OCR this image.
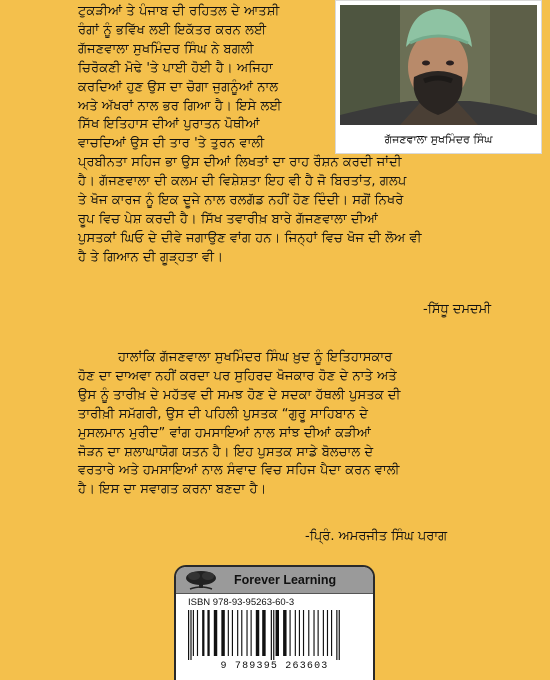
ਗੱਜਣਵਾਲਾ ਸੁਖਮਿੰਦਰ ਸਿੰਘ
ਟੁਕੜੀਆਂ ਤੇ ਪੰਜਾਬ ਦੀ ਰਹਿਤਲ ਦੇ ਆਤਸ਼ੀ
ਰੰਗਾਂ ਨੂੰ ਭਵਿੱਖ ਲਈ ਇਕੱਤਰ ਕਰਨ ਲਈ
ਗੱਜਣਵਾਲਾ ਸੁਖਮਿੰਦਰ ਸਿੰਘ ਨੇ ਬਗਲੀ
ਚਿਰੋਕਣੀ ਮੋਢੇ 'ਤੇ ਪਾਈ ਹੋਈ ਹੈ। ਅਜਿਹਾ
ਕਰਦਿਆਂ ਹੁਣ ਉਸ ਦਾ ਚੋਗਾ ਜੁਗਨੂੰਆਂ ਨਾਲ
ਅਤੇ ਅੱਖਰਾਂ ਨਾਲ ਭਰ ਗਿਆ ਹੈ। ਇਸੇ ਲਈ
ਸਿੱਖ ਇਤਿਹਾਸ ਦੀਆਂ ਪੁਰਾਤਨ ਪੋਥੀਆਂ
ਵਾਚਦਿਆਂ ਉਸ ਦੀ ਤਾਰ 'ਤੇ ਤੁਰਨ ਵਾਲੀ
ਪ੍ਰਬੀਨਤਾ ਸਹਿਜ ਭਾ ਉਸ ਦੀਆਂ ਲਿਖਤਾਂ ਦਾ ਰਾਹ ਰੌਸ਼ਨ ਕਰਦੀ ਜਾਂਦੀ
ਹੈ। ਗੱਜਣਵਾਲਾ ਦੀ ਕਲਮ ਦੀ ਵਿਸ਼ੇਸ਼ਤਾ ਇਹ ਵੀ ਹੈ ਜੋ ਬਿਰਤਾਂਤ, ਗਲਪ
ਤੇ ਖੋਜ ਕਾਰਜ ਨੂੰ ਇਕ ਦੂਜੇ ਨਾਲ ਰਲਗੱਡ ਨਹੀਂ ਹੋਣ ਦਿੰਦੀ। ਸਗੋਂ ਨਿਖਰੇ
ਰੂਪ ਵਿਚ ਪੇਸ਼ ਕਰਦੀ ਹੈ। ਸਿੱਖ ਤਵਾਰੀਖ਼ ਬਾਰੇ ਗੱਜਣਵਾਲਾ ਦੀਆਂ
ਪੁਸਤਕਾਂ ਘਿਓ ਦੇ ਦੀਵੇ ਜਗਾਉਣ ਵਾਂਗ ਹਨ। ਜਿਨ੍ਹਾਂ ਵਿਚ ਖੋਜ ਦੀ ਲੋਅ ਵੀ
ਹੈ ਤੇ ਗਿਆਨ ਦੀ ਗੂੜ੍ਹਤਾ ਵੀ।
-ਸਿੱਧੂ ਦਮਦਮੀ
ਹਾਲਾਂਕਿ ਗੱਜਣਵਾਲਾ ਸੁਖਮਿੰਦਰ ਸਿੰਘ ਖ਼ੁਦ ਨੂੰ ਇਤਿਹਾਸਕਾਰ
ਹੋਣ ਦਾ ਦਾਅਵਾ ਨਹੀਂ ਕਰਦਾ ਪਰ ਸੁਹਿਰਦ ਖੋਜਕਾਰ ਹੋਣ ਦੇ ਨਾਤੇ ਅਤੇ
ਉਸ ਨੂੰ ਤਾਰੀਖ਼ ਦੇ ਮਹੱਤਵ ਦੀ ਸਮਝ ਹੋਣ ਦੇ ਸਦਕਾ ਹੱਥਲੀ ਪੁਸਤਕ ਦੀ
ਤਾਰੀਖ਼ੀ ਸਮੱਗਰੀ, ਉਸ ਦੀ ਪਹਿਲੀ ਪੁਸਤਕ “ਗੁਰੂ ਸਾਹਿਬਾਨ ਦੇ
ਮੁਸਲਮਾਨ ਮੁਰੀਦ” ਵਾਂਗ ਹਮਸਾਇਆਂ ਨਾਲ ਸਾਂਝ ਦੀਆਂ ਕੜੀਆਂ
ਜੋੜਨ ਦਾ ਸ਼ਲਾਘਾਯੋਗ ਯਤਨ ਹੈ। ਇਹ ਪੁਸਤਕ ਸਾਡੇ ਬੋਲਚਾਲ ਦੇ
ਵਰਤਾਰੇ ਅਤੇ ਹਮਸਾਇਆਂ ਨਾਲ ਸੰਵਾਦ ਵਿਚ ਸਹਿਜ ਪੈਦਾ ਕਰਨ ਵਾਲੀ
ਹੈ। ਇਸ ਦਾ ਸਵਾਗਤ ਕਰਨਾ ਬਣਦਾ ਹੈ।
-ਪ੍ਰਿੰ. ਅਮਰਜੀਤ ਸਿੰਘ ਪਰਾਗ
Forever Learning
ISBN 978-93-95263-60-3
9 789395 263603
